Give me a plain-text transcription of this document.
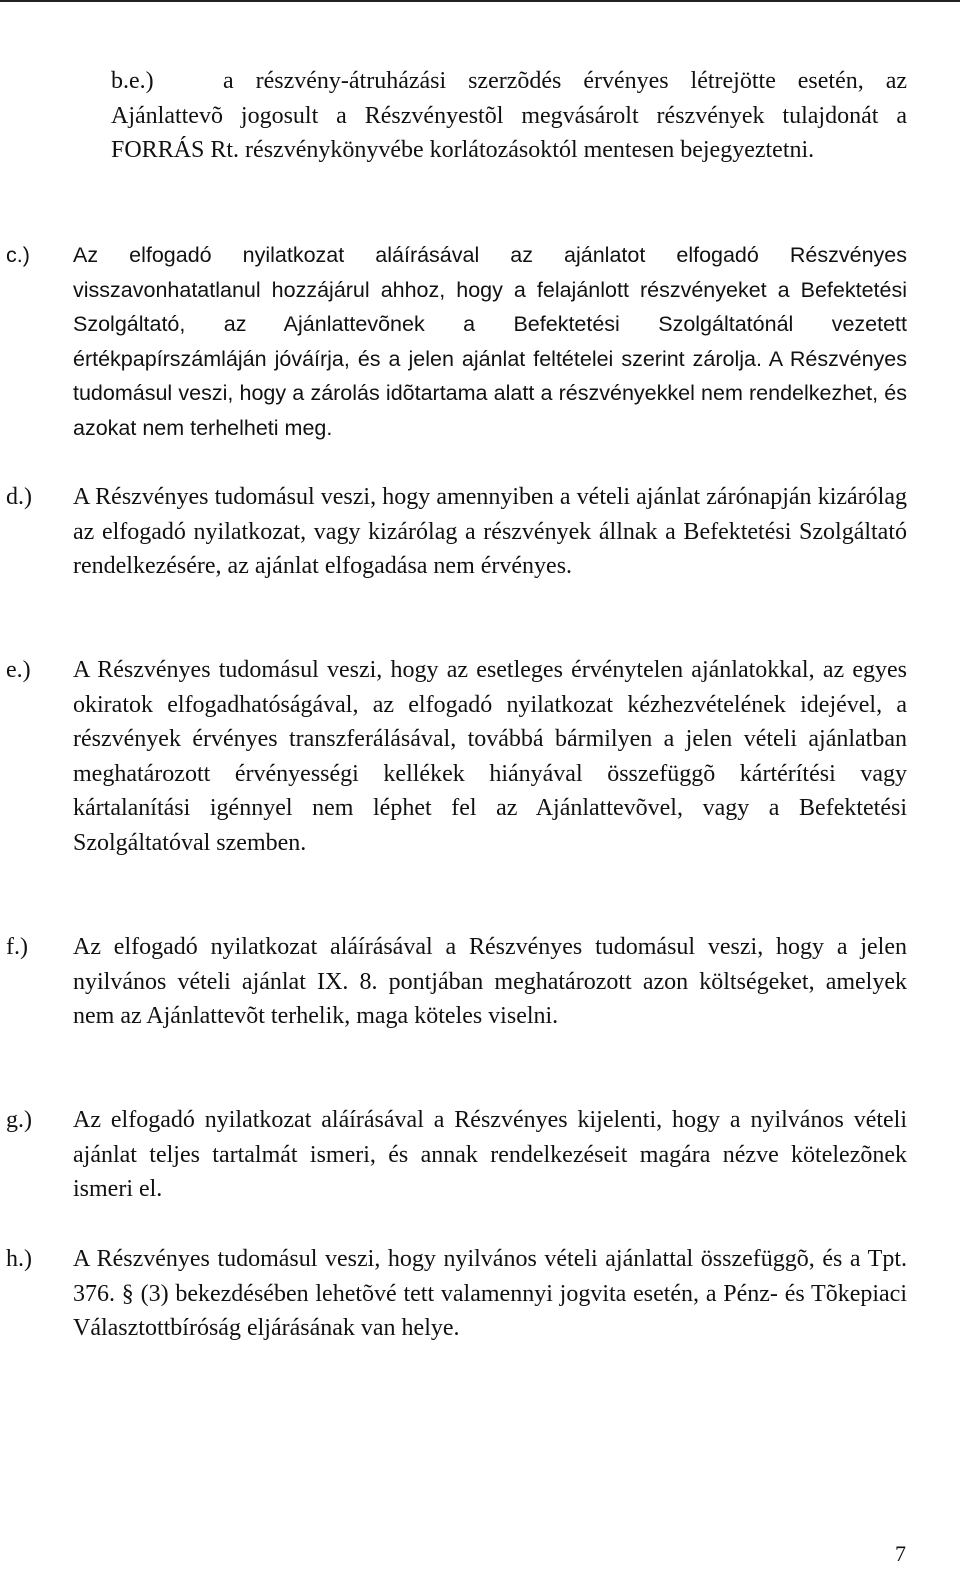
b.e.)	a részvény-átruházási szerzõdés érvényes létrejötte esetén, az Ajánlattevõ jogosult a Részvényestõl megvásárolt részvények tulajdonát a FORRÁS Rt. részvénykönyvébe korlátozásoktól mentesen bejegyeztetni.

c.) Az elfogadó nyilatkozat aláírásával az ajánlatot elfogadó Részvényes visszavonhatatlanul hozzájárul ahhoz, hogy a felajánlott részvényeket a Befektetési Szolgáltató, az Ajánlattevõnek a Befektetési Szolgáltatónál vezetett értékpapírszámláján jóváírja, és a jelen ajánlat feltételei szerint zárolja. A Részvényes tudomásul veszi, hogy a zárolás idõtartama alatt a részvényekkel nem rendelkezhet, és azokat nem terhelheti meg.

d.) A Részvényes tudomásul veszi, hogy amennyiben a vételi ajánlat zárónapján kizárólag az elfogadó nyilatkozat, vagy kizárólag a részvények állnak a Befektetési Szolgáltató rendelkezésére, az ajánlat elfogadása nem érvényes.

e.) A Részvényes tudomásul veszi, hogy az esetleges érvénytelen ajánlatokkal, az egyes okiratok elfogadhatóságával, az elfogadó nyilatkozat kézhezvételének idejével, a részvények érvényes transzferálásával, továbbá bármilyen a jelen vételi ajánlatban meghatározott érvényességi kellékek hiányával összefüggõ kártérítési vagy kártalanítási igénnyel nem léphet fel az Ajánlattevõvel, vagy a Befektetési Szolgáltatóval szemben.

f.) Az elfogadó nyilatkozat aláírásával a Részvényes tudomásul veszi, hogy a jelen nyilvános vételi ajánlat IX. 8. pontjában meghatározott azon költségeket, amelyek nem az Ajánlattevõt terhelik, maga köteles viselni.

g.) Az elfogadó nyilatkozat aláírásával a Részvényes kijelenti, hogy a nyilvános vételi ajánlat teljes tartalmát ismeri, és annak rendelkezéseit magára nézve kötelezõnek ismeri el.

h.) A Részvényes tudomásul veszi, hogy nyilvános vételi ajánlattal összefüggõ, és a Tpt. 376. § (3) bekezdésében lehetõvé tett valamennyi jogvita esetén, a Pénz- és Tõkepiaci Választottbíróság eljárásának van helye.

7
